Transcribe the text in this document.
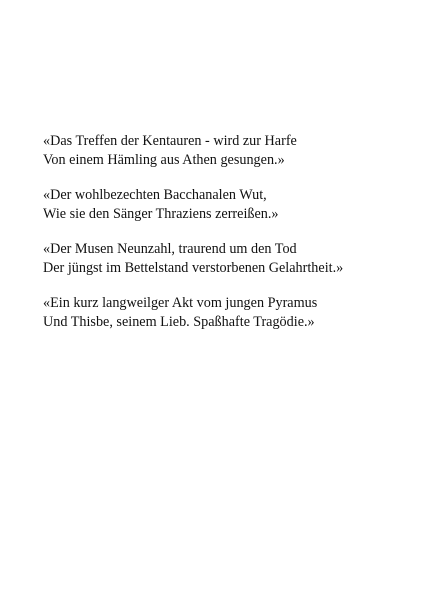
«Das Treffen der Kentauren - wird zur Harfe
Von einem Hämling aus Athen gesungen.»
«Der wohlbezechten Bacchanalen Wut,
Wie sie den Sänger Thraziens zerreißen.»
«Der Musen Neunzahl, traurend um den Tod
Der jüngst im Bettelstand verstorbenen Gelahrtheit.»
«Ein kurz langweilger Akt vom jungen Pyramus
Und Thisbe, seinem Lieb. Spaßhafte Tragödie.»
